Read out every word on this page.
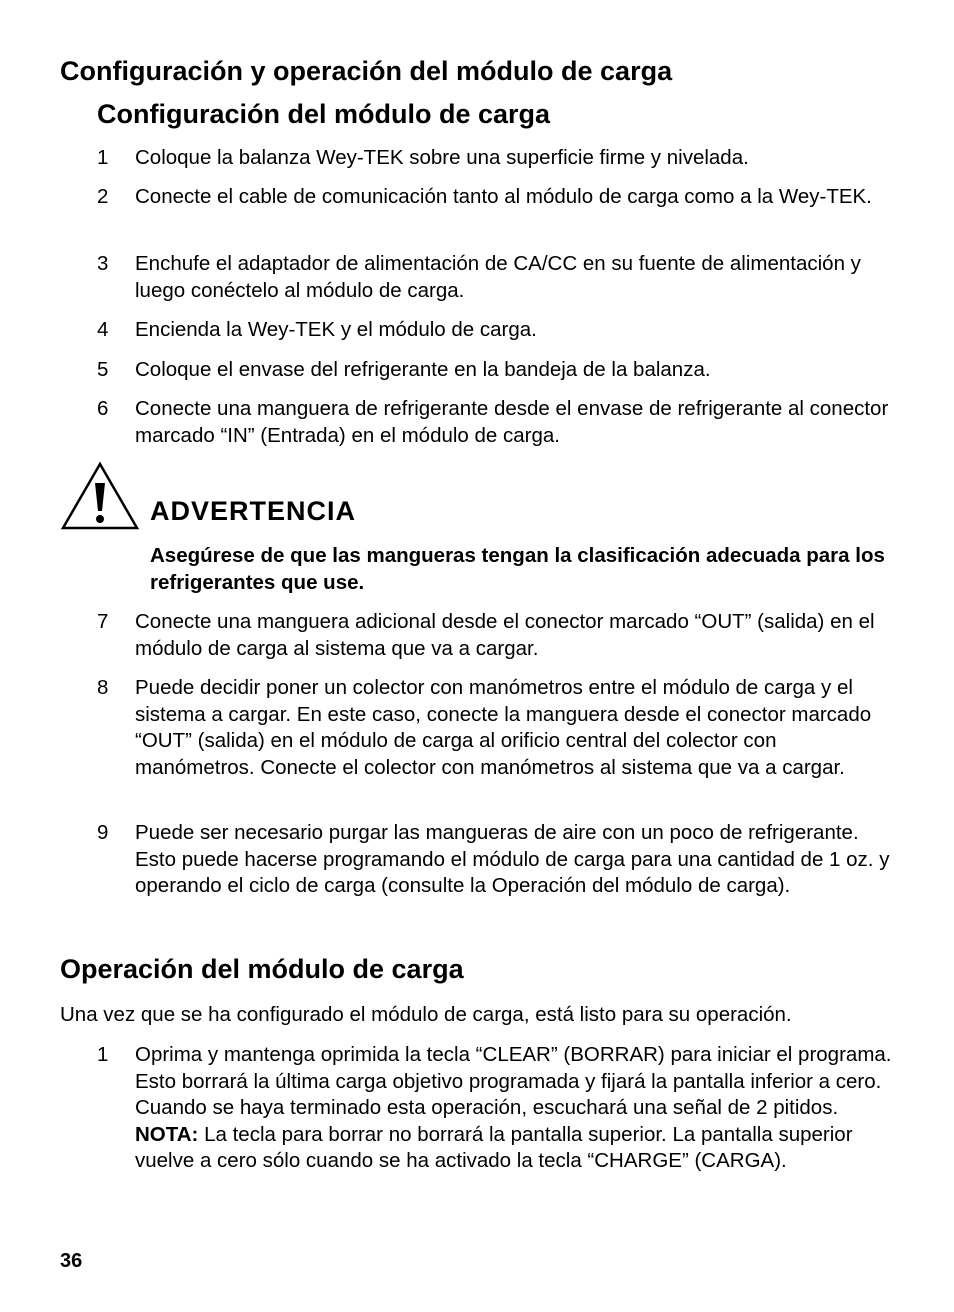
Configuración y operación del módulo de carga
Configuración del módulo de carga
1 Coloque la balanza Wey-TEK sobre una superficie firme y nivelada.
2 Conecte el cable de comunicación tanto al módulo de carga como a la Wey-TEK.
3 Enchufe el adaptador de alimentación de CA/CC en su fuente de alimentación y luego conéctelo al módulo de carga.
4 Encienda la Wey-TEK y el módulo de carga.
5 Coloque el envase del refrigerante en la bandeja de la balanza.
6 Conecte una manguera de refrigerante desde el envase de refrigerante al conector marcado “IN” (Entrada) en el módulo de carga.
ADVERTENCIA
Asegúrese de que las mangueras tengan la clasificación adecuada para los refrigerantes que use.
7 Conecte una manguera adicional desde el conector marcado “OUT” (salida) en el módulo de carga al sistema que va a cargar.
8 Puede decidir poner un colector con manómetros entre el módulo de carga y el sistema a cargar. En este caso, conecte la manguera desde el conector marcado “OUT” (salida) en el módulo de carga al orificio central del colector con manómetros. Conecte el colector con manómetros al sistema que va a cargar.
9 Puede ser necesario purgar las mangueras de aire con un poco de refrigerante. Esto puede hacerse programando el módulo de carga para una cantidad de 1 oz. y operando el ciclo de carga (consulte la Operación del módulo de carga).
Operación del módulo de carga
Una vez que se ha configurado el módulo de carga, está listo para su operación.
1 Oprima y mantenga oprimida la tecla “CLEAR” (BORRAR) para iniciar el programa. Esto borrará la última carga objetivo programada y fijará la pantalla inferior a cero. Cuando se haya terminado esta operación, escuchará una señal de 2 pitidos. NOTA: La tecla para borrar no borrará la pantalla superior. La pantalla superior vuelve a cero sólo cuando se ha activado la tecla “CHARGE” (CARGA).
36
